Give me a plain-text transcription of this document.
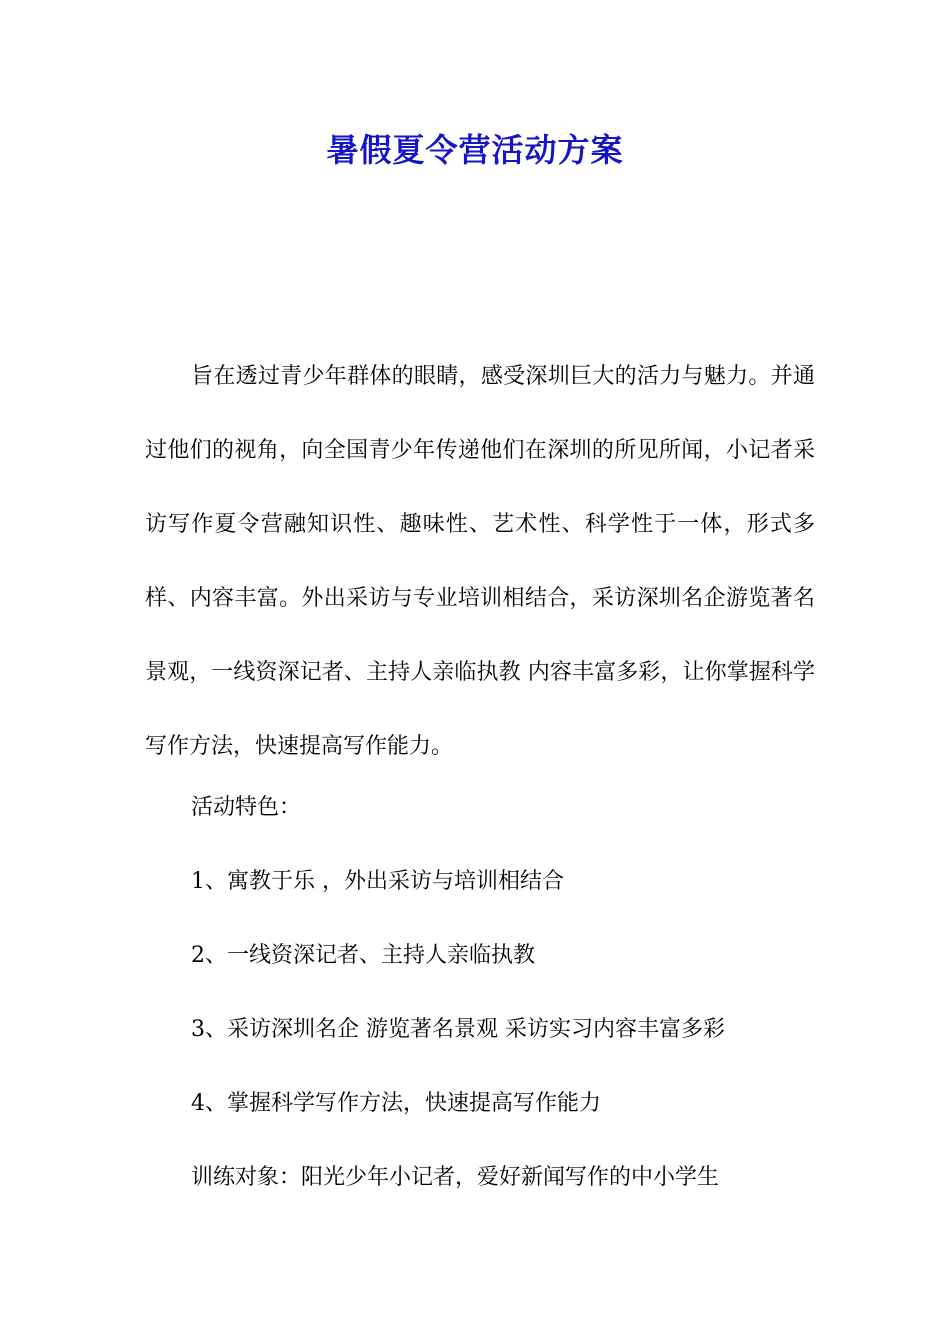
暑假夏令营活动方案
旨在透过青少年群体的眼睛，感受深圳巨大的活力与魅力。并通过他们的视角，向全国青少年传递他们在深圳的所见所闻，小记者采访写作夏令营融知识性、趣味性、艺术性、科学性于一体，形式多样、内容丰富。外出采访与专业培训相结合，采访深圳名企游览著名景观，一线资深记者、主持人亲临执教 内容丰富多彩，让你掌握科学写作方法，快速提高写作能力。
活动特色：
1、寓教于乐 ，外出采访与培训相结合
2、一线资深记者、主持人亲临执教
3、采访深圳名企 游览著名景观 采访实习内容丰富多彩
4、掌握科学写作方法，快速提高写作能力
训练对象：阳光少年小记者，爱好新闻写作的中小学生
